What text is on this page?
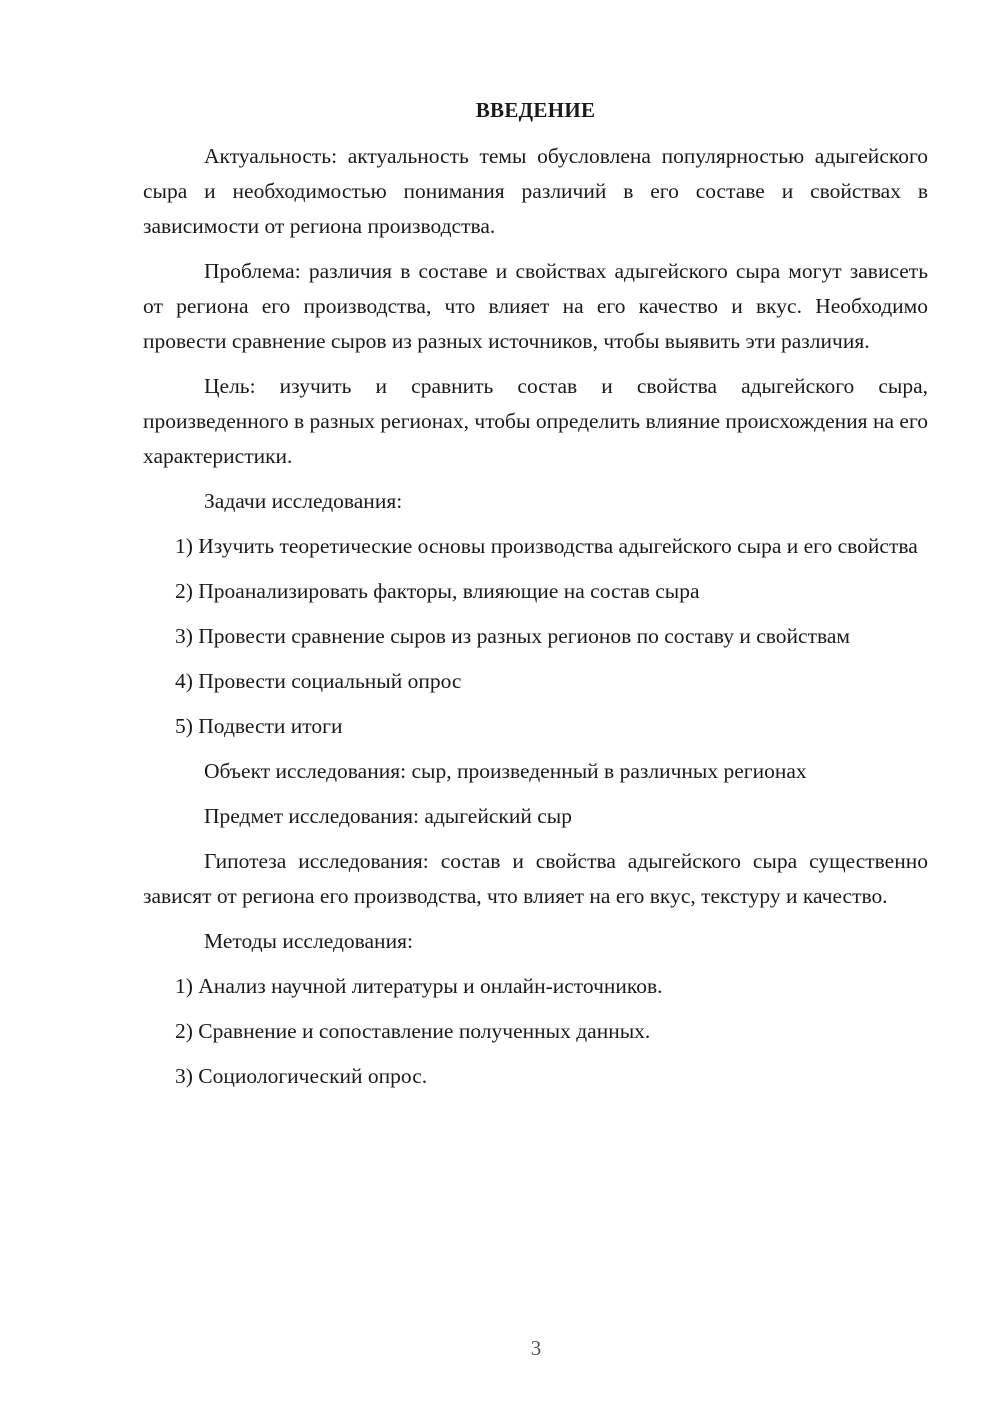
ВВЕДЕНИЕ

Актуальность: актуальность темы обусловлена популярностью адыгейского сыра и необходимостью понимания различий в его составе и свойствах в зависимости от региона производства.

Проблема: различия в составе и свойствах адыгейского сыра могут зависеть от региона его производства, что влияет на его качество и вкус. Необходимо провести сравнение сыров из разных источников, чтобы выявить эти различия.

Цель: изучить и сравнить состав и свойства адыгейского сыра, произведенного в разных регионах, чтобы определить влияние происхождения на его характеристики.

Задачи исследования:

1) Изучить теоретические основы производства адыгейского сыра и его свойства

2) Проанализировать факторы, влияющие на состав сыра

3) Провести сравнение сыров из разных регионов по составу и свойствам

4) Провести социальный опрос

5) Подвести итоги

Объект исследования: сыр, произведенный в различных регионах

Предмет исследования: адыгейский сыр

Гипотеза исследования: состав и свойства адыгейского сыра существенно зависят от региона его производства, что влияет на его вкус, текстуру и качество.

Методы исследования:

1) Анализ научной литературы и онлайн-источников.

2) Сравнение и сопоставление полученных данных.

3) Социологический опрос.

3
